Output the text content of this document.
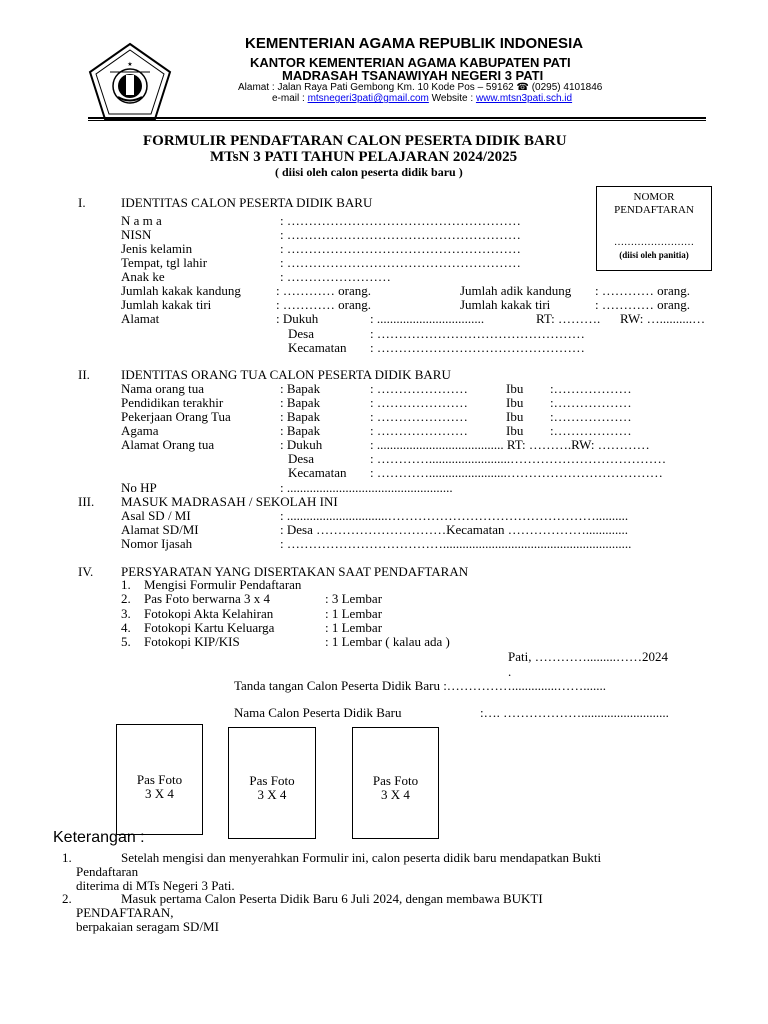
★
KEMENTERIAN AGAMA REPUBLIK INDONESIA
KANTOR KEMENTERIAN AGAMA KABUPATEN PATI
MADRASAH TSANAWIYAH NEGERI 3 PATI
Alamat : Jalan Raya Pati Gembong Km. 10 Kode Pos – 59162 ☎ (0295) 4101846
e-mail : mtsnegeri3pati@gmail.com Website : www.mtsn3pati.sch.id
FORMULIR PENDAFTARAN CALON PESERTA DIDIK BARU
MTsN 3 PATI TAHUN PELAJARAN 2024/2025
( diisi oleh calon peserta didik baru )
NOMOR
PENDAFTARAN
……………………
(diisi oleh panitia)
I.	IDENTITAS CALON PESERTA DIDIK BARU
N a m a	: ………………………………………………
NISN	: ………………………………………………
Jenis kelamin	: ………………………………………………
Tempat, tgl lahir	: ………………………………………………
Anak ke	: ……………………
Jumlah kakak kandung	: ………… orang.	Jumlah adik kandung : ………… orang.
Jumlah kakak tiri	: ………… orang.	Jumlah kakak tiri	: ………… orang.
Alamat	: Dukuh	: .................................	RT: ………. RW: …..........…
Desa	: …………………………………………
Kecamatan : …………………………………………
II. IDENTITAS ORANG TUA CALON PESERTA DIDIK BARU
Nama orang tua	: Bapak	: …………………	Ibu :………………
Pendidikan terakhir	: Bapak	: …………………	Ibu :………………
Pekerjaan Orang Tua	: Bapak	: …………………	Ibu :………………
Agama	: Bapak	: …………………	Ibu :………………
Alamat Orang tua	: Dukuh	: ....................................... RT: ……….RW: …………
Desa	: ………….........................………………………………
Kecamatan : …………........................………………………………
No HP	: ...................................................
III. MASUK MADRASAH / SEKOLAH INI
Asal SD / MI	: ...............................…………………………………………..........
Alamat SD/MI	: Desa …………………………Kecamatan ……………….............
Nomor Ijasah	: ………………………………..........................................................
IV. PERSYARATAN YANG DISERTAKAN SAAT PENDAFTARAN
1. Mengisi Formulir Pendaftaran
2. Pas Foto berwarna 3 x 4	: 3 Lembar
3. Fotokopi Akta Kelahiran	: 1 Lembar
4. Fotokopi Kartu Keluarga	: 1 Lembar
5. Fotokopi KIP/KIS	: 1 Lembar ( kalau ada )
Pati, ………….........……2024
.
Tanda tangan Calon Peserta Didik Baru :……………..............…….......
Nama Calon Peserta Didik Baru	:…. ………………...........................
Pas Foto
3 X 4
Pas Foto
3 X 4
Pas Foto
3 X 4
Keterangan :
1.	Setelah mengisi dan menyerahkan Formulir ini, calon peserta didik baru mendapatkan Bukti
Pendaftaran
diterima di MTs Negeri 3 Pati.
2.	Masuk pertama Calon Peserta Didik Baru 6 Juli 2024, dengan membawa BUKTI
PENDAFTARAN,
berpakaian seragam SD/MI
